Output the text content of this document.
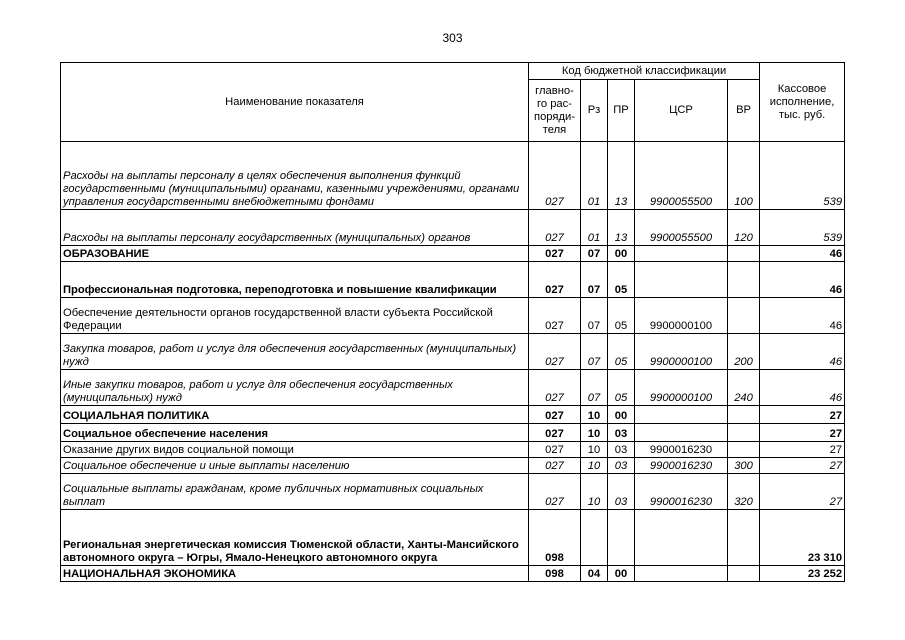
303
Наименование показателя	Код бюджетной классификации					Кассовое исполнение, тыс. руб.
	главно-го рас-поряди-теля	Рз	ПР	ЦСР	ВР	
Расходы на выплаты персоналу в целях обеспечения выполнения функций государственными (муниципальными) органами, казенными учреждениями, органами управления государственными внебюджетными фондами	027	01	13	9900055500	100	539
Расходы на выплаты персоналу государственных (муниципальных) органов	027	01	13	9900055500	120	539
ОБРАЗОВАНИЕ	027	07	00			46
Профессиональная подготовка, переподготовка и повышение квалификации	027	07	05			46
Обеспечение деятельности органов государственной власти субъекта Российской Федерации	027	07	05	9900000100		46
Закупка товаров, работ и услуг для обеспечения государственных (муниципальных) нужд	027	07	05	9900000100	200	46
Иные закупки товаров, работ и услуг для обеспечения государственных (муниципальных) нужд	027	07	05	9900000100	240	46
СОЦИАЛЬНАЯ ПОЛИТИКА	027	10	00			27
Социальное обеспечение населения	027	10	03			27
Оказание других видов социальной помощи	027	10	03	9900016230		27
Социальное обеспечение и иные выплаты населению	027	10	03	9900016230	300	27
Социальные выплаты гражданам, кроме публичных нормативных социальных выплат	027	10	03	9900016230	320	27
Региональная энергетическая комиссия Тюменской области, Ханты-Мансийского автономного округа – Югры, Ямало-Ненецкого автономного округа	098					23 310
НАЦИОНАЛЬНАЯ ЭКОНОМИКА	098	04	00			23 252
